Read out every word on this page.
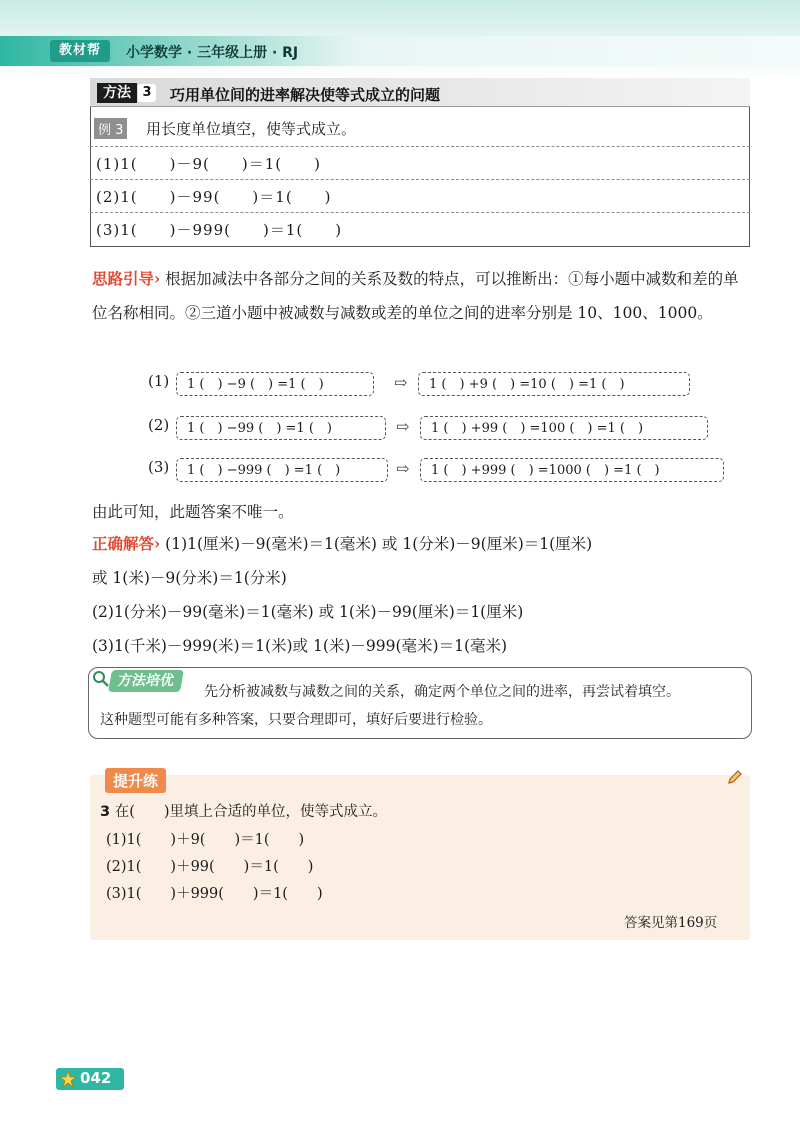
教材帮	小学数学 · 三年级上册 · RJ
方法 3 巧用单位间的进率解决使等式成立的问题
例 3 用长度单位填空，使等式成立。
(1)1(　　)－9(　　)＝1(　　)
(2)1(　　)－99(　　)＝1(　　)
(3)1(　　)－999(　　)＝1(　　)
思路引导› 根据加减法中各部分之间的关系及数的特点，可以推断出：①每小题中减数和差的单位名称相同。②三道小题中被减数与减数或差的单位之间的进率分别是 10、100、1000。
(1)	1 (　) −9 (　) =1 (　)	⇨	1 (　) +9 (　) =10 (　) =1 (　)
(2)	1 (　) −99 (　) =1 (　)	⇨	1 (　) +99 (　) =100 (　) =1 (　)
(3)	1 (　) −999 (　) =1 (　)	⇨	1 (　) +999 (　) =1000 (　) =1 (　)
由此可知，此题答案不唯一。
正确解答› (1)1(厘米)－9(毫米)＝1(毫米) 或 1(分米)－9(厘米)＝1(厘米)
或 1(米)－9(分米)＝1(分米)
(2)1(分米)－99(毫米)＝1(毫米) 或 1(米)－99(厘米)＝1(厘米)
(3)1(千米)－999(米)＝1(米)或 1(米)－999(毫米)＝1(毫米)
方法培优
先分析被减数与减数之间的关系，确定两个单位之间的进率，再尝试着填空。
这种题型可能有多种答案，只要合理即可，填好后要进行检验。
提升练
3 在(　　)里填上合适的单位，使等式成立。
(1)1(　　)＋9(　　)＝1(　　)
(2)1(　　)＋99(　　)＝1(　　)
(3)1(　　)＋999(　　)＝1(　　)
答案见第169页
042
